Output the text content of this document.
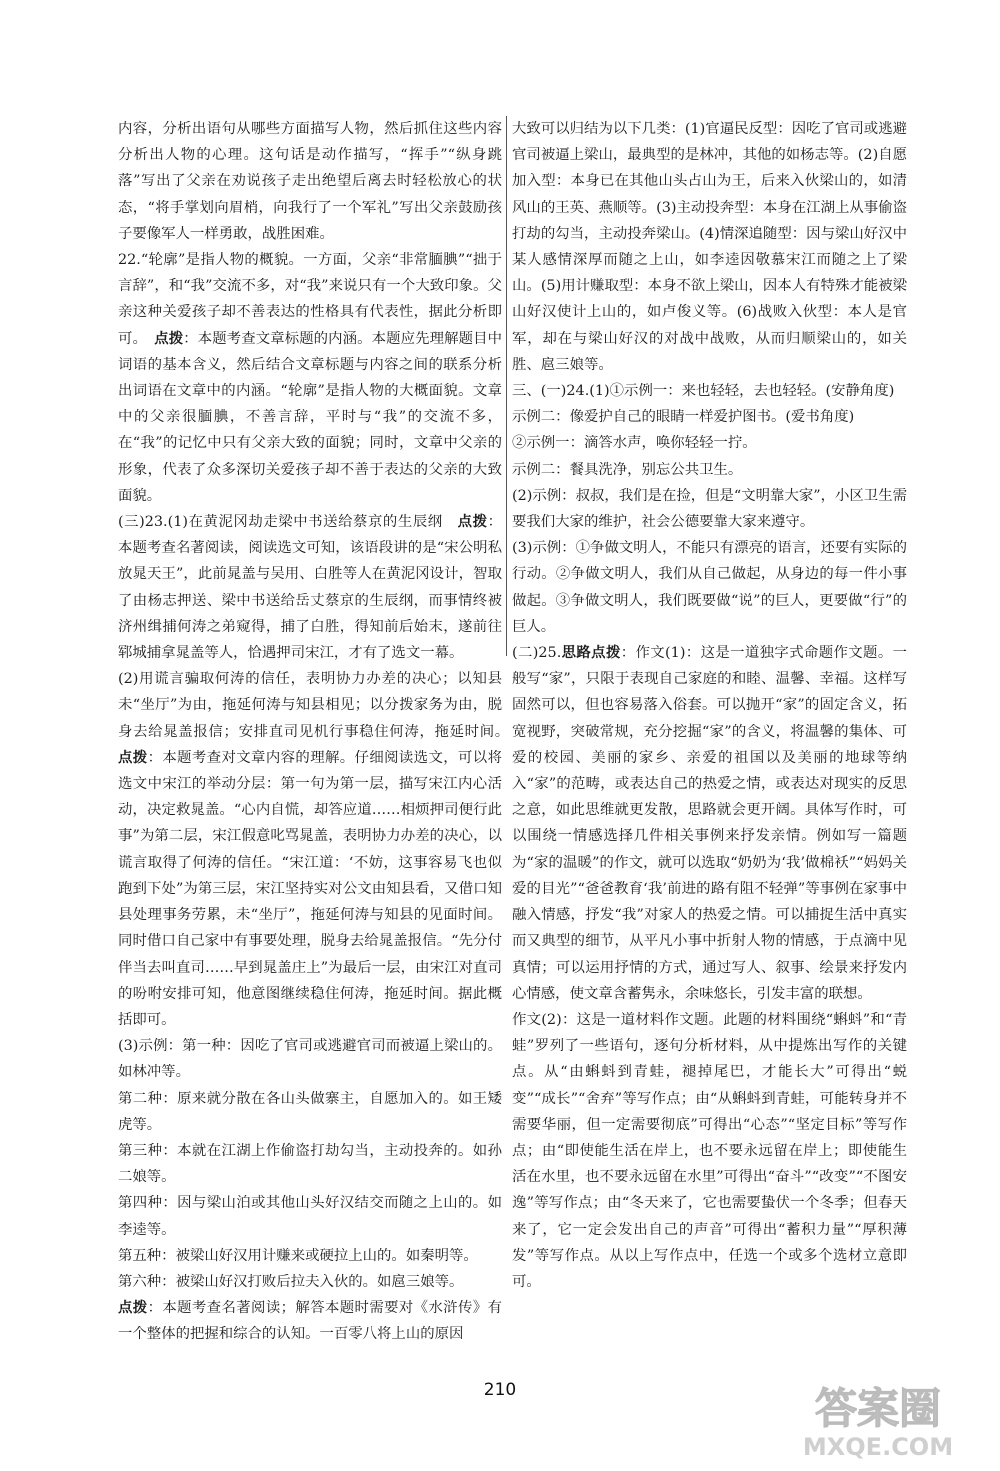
内容，分析出语句从哪些方面描写人物，然后抓住这些内容分析出人物的心理。这句话是动作描写，“挥手”“纵身跳落”写出了父亲在劝说孩子走出绝望后离去时轻松放心的状态，“将手掌划向眉梢，向我行了一个军礼”写出父亲鼓励孩子要像军人一样勇敢，战胜困难。

22.“轮廓”是指人物的概貌。一方面，父亲“非常腼腆”“拙于言辞”，和“我”交流不多，对“我”来说只有一个大致印象。父亲这种关爱孩子却不善表达的性格具有代表性，据此分析即可。　点拨：本题考查文章标题的内涵。本题应先理解题目中词语的基本含义，然后结合文章标题与内容之间的联系分析出词语在文章中的内涵。“轮廓”是指人物的大概面貌。文章中的父亲很腼腆，不善言辞，平时与“我”的交流不多，在“我”的记忆中只有父亲大致的面貌；同时，文章中父亲的形象，代表了众多深切关爱孩子却不善于表达的父亲的大致面貌。

(三)23.(1)在黄泥冈劫走梁中书送给蔡京的生辰纲　点拨：本题考查名著阅读，阅读选文可知，该语段讲的是“宋公明私放晁天王”，此前晁盖与吴用、白胜等人在黄泥冈设计，智取了由杨志押送、梁中书送给岳丈蔡京的生辰纲，而事情终被济州缉捕何涛之弟窥得，捕了白胜，得知前后始末，遂前往郓城捕拿晁盖等人，恰遇押司宋江，才有了选文一幕。

(2)用谎言骗取何涛的信任，表明协力办差的决心；以知县未“坐厅”为由，拖延何涛与知县相见；以分拨家务为由，脱身去给晁盖报信；安排直司见机行事稳住何涛，拖延时间。　点拨：本题考查对文章内容的理解。仔细阅读选文，可以将选文中宋江的举动分层：第一句为第一层，描写宋江内心活动，决定救晁盖。“心内自慌，却答应道……相烦押司便行此事”为第二层，宋江假意叱骂晁盖，表明协力办差的决心，以谎言取得了何涛的信任。“宋江道：‘不妨，这事容易飞也似跑到下处”为第三层，宋江坚持实对公文由知县看，又借口知县处理事务劳累，未“坐厅”，拖延何涛与知县的见面时间。同时借口自己家中有事要处理，脱身去给晁盖报信。“先分付伴当去叫直司……早到晁盖庄上”为最后一层，由宋江对直司的吩咐安排可知，他意图继续稳住何涛，拖延时间。据此概括即可。

(3)示例：第一种：因吃了官司或逃避官司而被逼上梁山的。如林冲等。

第二种：原来就分散在各山头做寨主，自愿加入的。如王矮虎等。

第三种：本就在江湖上作偷盗打劫勾当，主动投奔的。如孙二娘等。

第四种：因与梁山泊或其他山头好汉结交而随之上山的。如李逵等。

第五种：被梁山好汉用计赚来或硬拉上山的。如秦明等。

第六种：被梁山好汉打败后拉夫入伙的。如扈三娘等。

点拨：本题考查名著阅读；解答本题时需要对《水浒传》有一个整体的把握和综合的认知。一百零八将上山的原因

大致可以归结为以下几类：(1)官逼民反型：因吃了官司或逃避官司被逼上梁山，最典型的是林冲，其他的如杨志等。(2)自愿加入型：本身已在其他山头占山为王，后来入伙梁山的，如清风山的王英、燕顺等。(3)主动投奔型：本身在江湖上从事偷盗打劫的勾当，主动投奔梁山。(4)情深追随型：因与梁山好汉中某人感情深厚而随之上山，如李逵因敬慕宋江而随之上了梁山。(5)用计赚取型：本身不欲上梁山，因本人有特殊才能被梁山好汉使计上山的，如卢俊义等。(6)战败入伙型：本人是官军，却在与梁山好汉的对战中战败，从而归顺梁山的，如关胜、扈三娘等。

三、(一)24.(1)①示例一：来也轻轻，去也轻轻。(安静角度)

示例二：像爱护自己的眼睛一样爱护图书。(爱书角度)

②示例一：滴答水声，唤你轻轻一拧。

示例二：餐具洗净，别忘公共卫生。

(2)示例：叔叔，我们是在捡，但是“文明靠大家”，小区卫生需要我们大家的维护，社会公德要靠大家来遵守。

(3)示例：①争做文明人，不能只有漂亮的语言，还要有实际的行动。②争做文明人，我们从自己做起，从身边的每一件小事做起。③争做文明人，我们既要做“说”的巨人，更要做“行”的巨人。

(二)25.思路点拨：作文(1)：这是一道独字式命题作文题。一般写“家”，只限于表现自己家庭的和睦、温馨、幸福。这样写固然可以，但也容易落入俗套。可以抛开“家”的固定含义，拓宽视野，突破常规，充分挖掘“家”的含义，将温馨的集体、可爱的校园、美丽的家乡、亲爱的祖国以及美丽的地球等纳入“家”的范畴，或表达自己的热爱之情，或表达对现实的反思之意，如此思维就更发散，思路就会更开阔。具体写作时，可以围绕一情感选择几件相关事例来抒发亲情。例如写一篇题为“家的温暖”的作文，就可以选取“奶奶为‘我’做棉袄”“妈妈关爱的目光”“爸爸教育‘我’前进的路有阻不轻弹”等事例在家事中融入情感，抒发“我”对家人的热爱之情。可以捕捉生活中真实而又典型的细节，从平凡小事中折射人物的情感，于点滴中见真情；可以运用抒情的方式，通过写人、叙事、绘景来抒发内心情感，使文章含蓄隽永，余味悠长，引发丰富的联想。

作文(2)：这是一道材料作文题。此题的材料围绕“蝌蚪”和“青蛙”罗列了一些语句，逐句分析材料，从中提炼出写作的关键点。从“由蝌蚪到青蛙，褪掉尾巴，才能长大”可得出“蜕变”“成长”“舍弃”等写作点；由“从蝌蚪到青蛙，可能转身并不需要华丽，但一定需要彻底”可得出“心态”“坚定目标”等写作点；由“即使能生活在岸上，也不要永远留在岸上；即使能生活在水里，也不要永远留在水里”可得出“奋斗”“改变”“不图安逸”等写作点；由“冬天来了，它也需要蛰伏一个冬季；但春天来了，它一定会发出自己的声音”可得出“蓄积力量”“厚积薄发”等写作点。从以上写作点中，任选一个或多个选材立意即可。

210	答案圈
MXQE.COM
